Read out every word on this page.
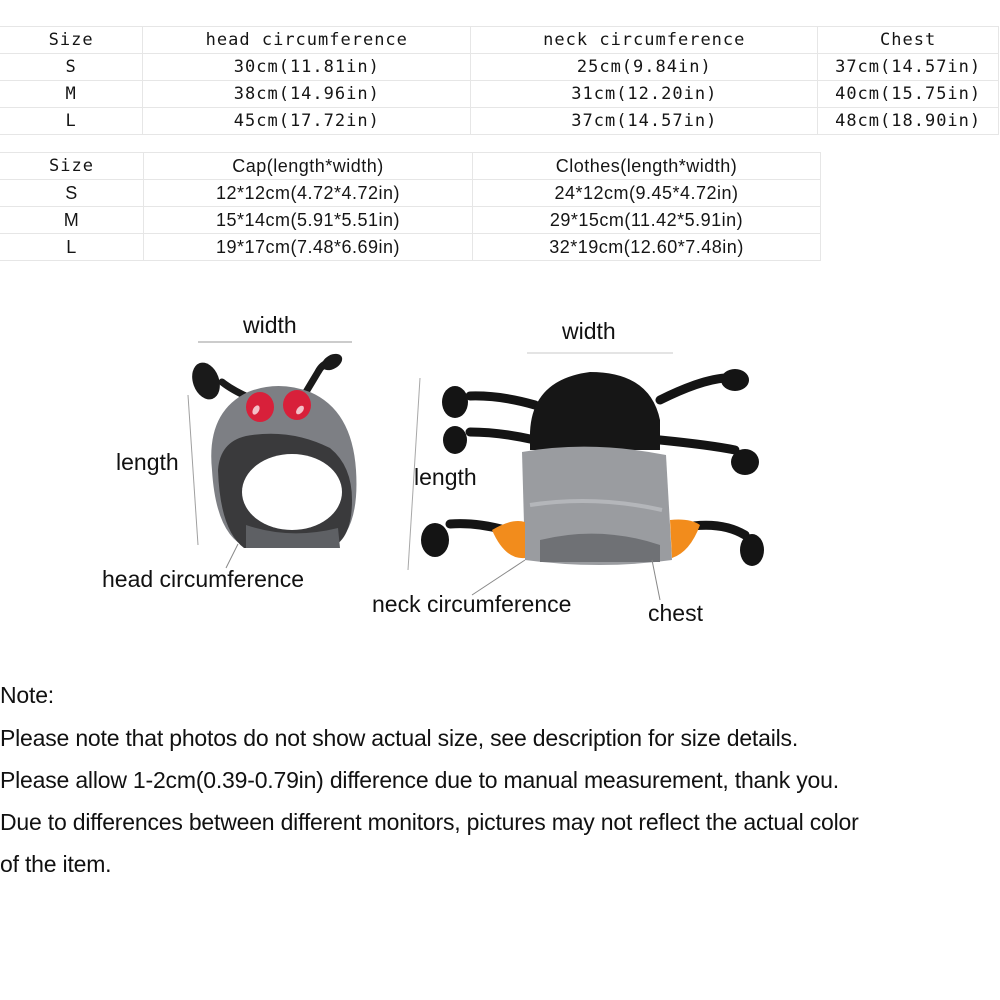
Size	head circumference	neck circumference	Chest
S	30cm(11.81in)	25cm(9.84in)	37cm(14.57in)
M	38cm(14.96in)	31cm(12.20in)	40cm(15.75in)
L	45cm(17.72in)	37cm(14.57in)	48cm(18.90in)
Size	Cap(length*width)	Clothes(length*width)
S	12*12cm(4.72*4.72in)	24*12cm(9.45*4.72in)
M	15*14cm(5.91*5.51in)	29*15cm(11.42*5.91in)
L	19*17cm(7.48*6.69in)	32*19cm(12.60*7.48in)
width
length
head circumference
width
length
neck circumference	chest
Note:
Please note that photos do not show actual size, see description for size details.
Please allow 1-2cm(0.39-0.79in) difference due to manual measurement, thank you.
Due to differences between different monitors, pictures may not reflect the actual color
of the item.
